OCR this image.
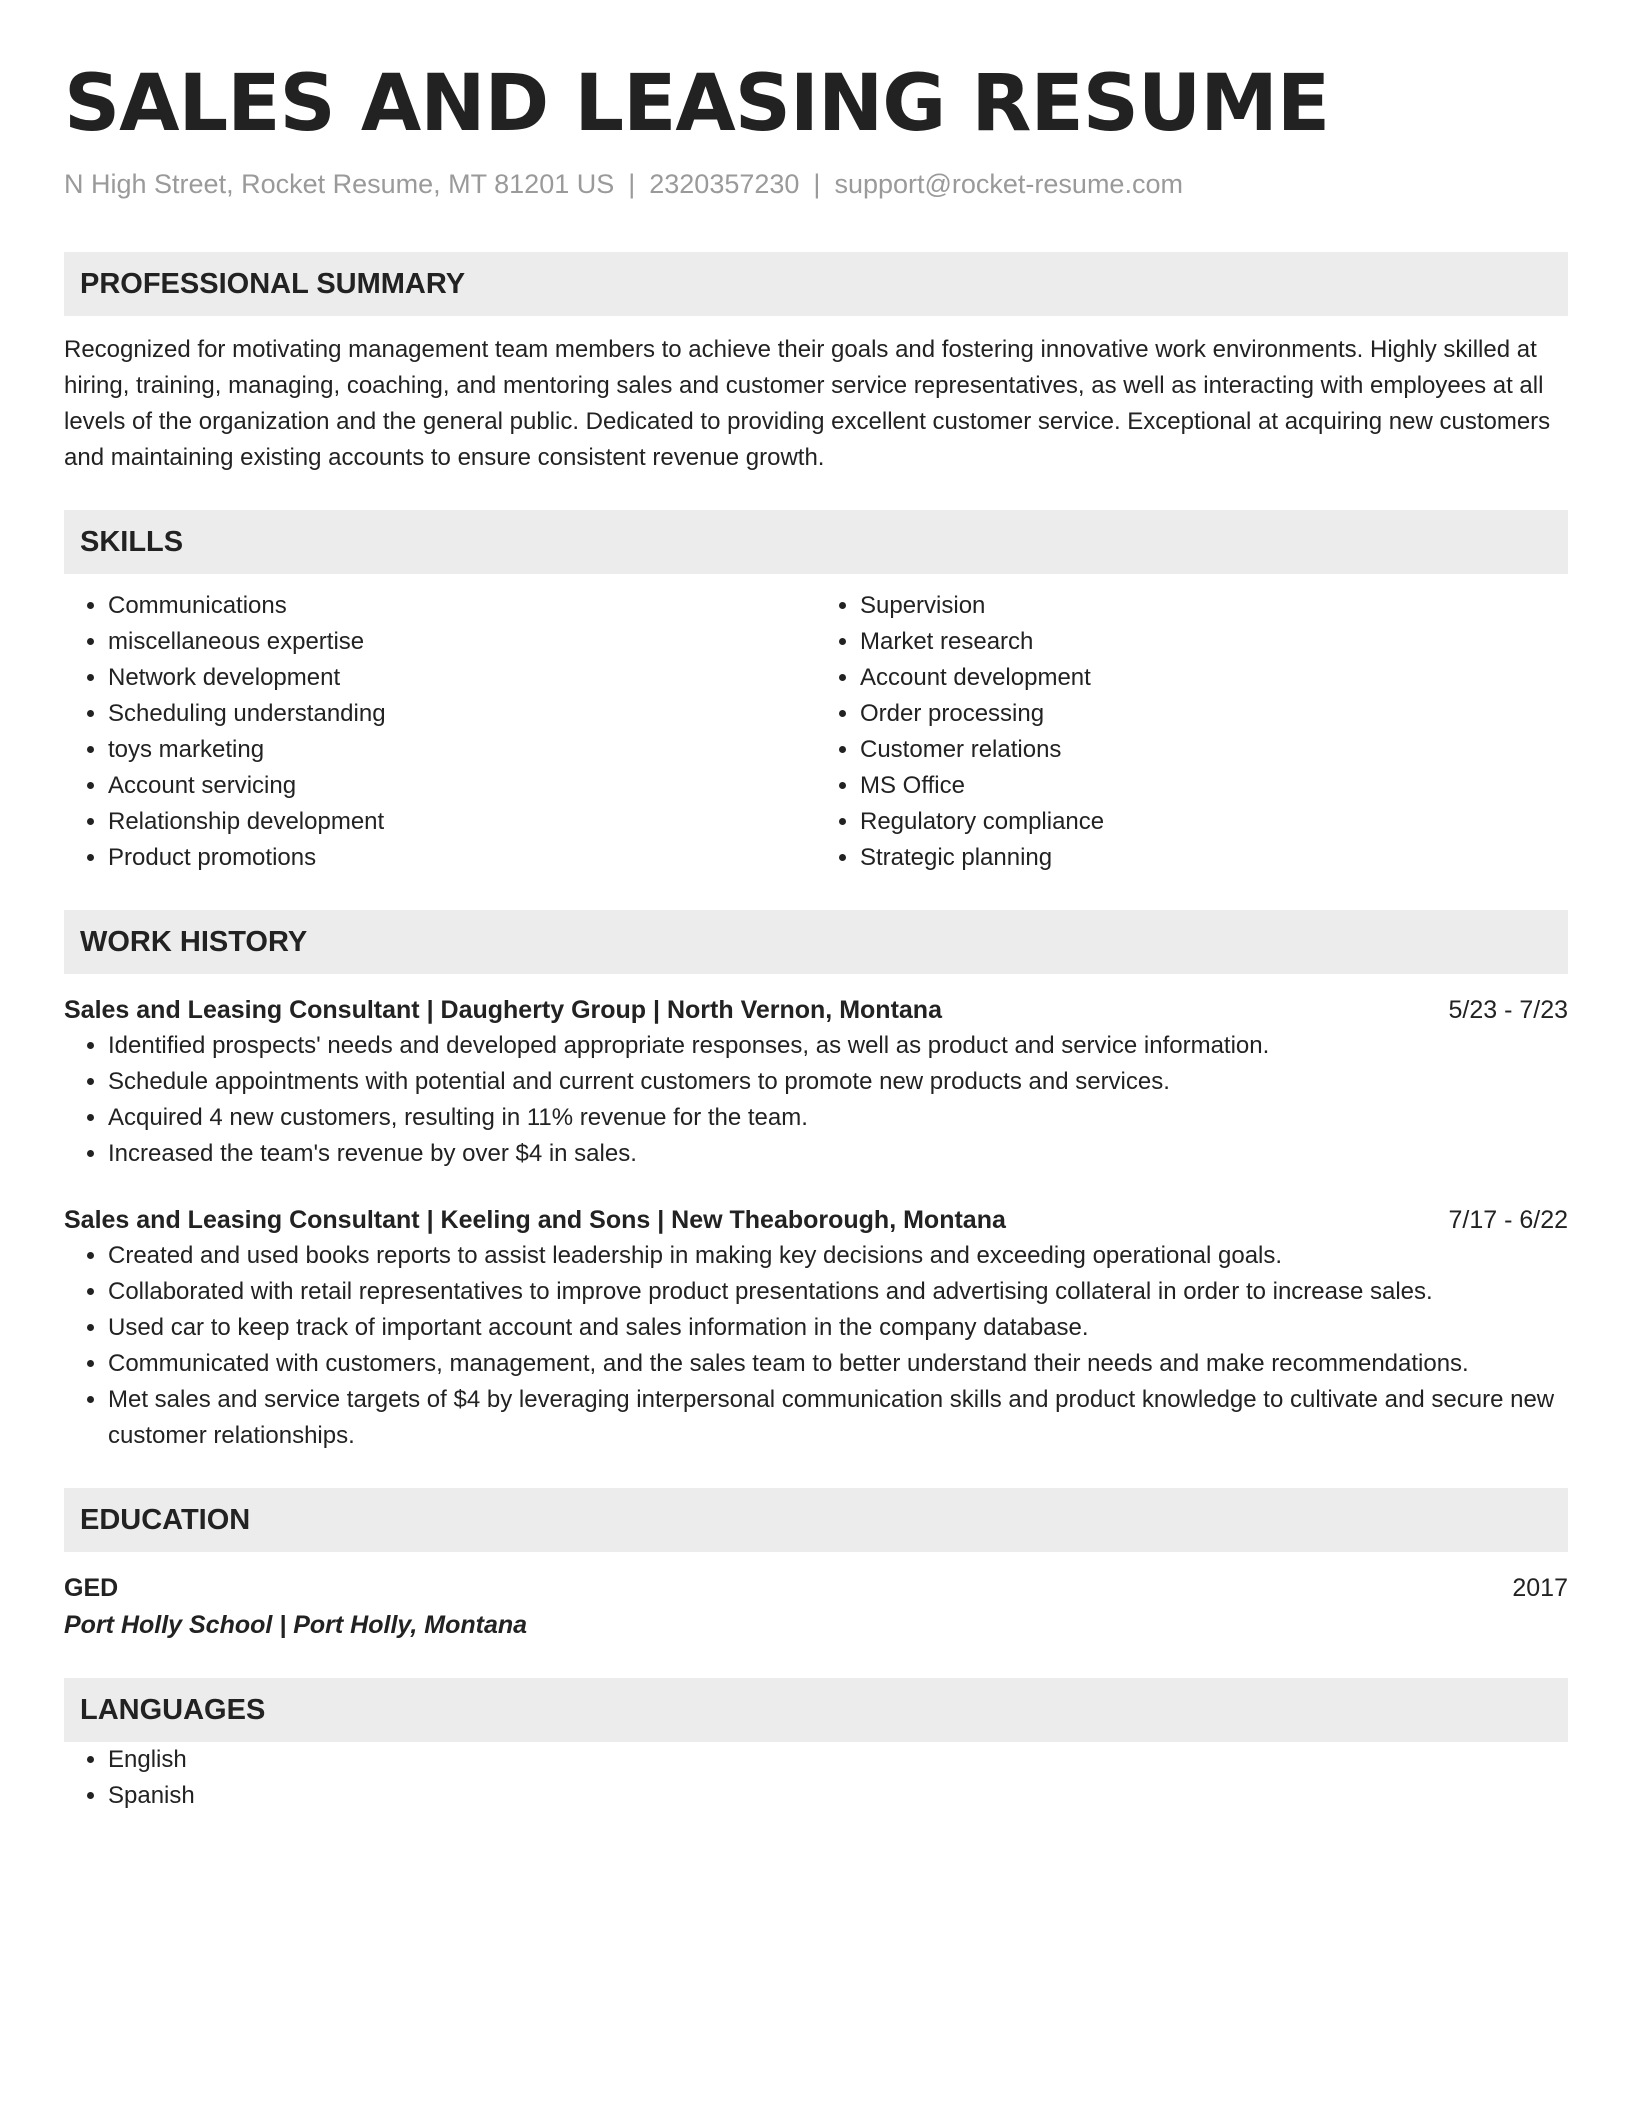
SALES AND LEASING RESUME
N High Street, Rocket Resume, MT 81201 US | 2320357230 | support@rocket-resume.com
PROFESSIONAL SUMMARY
Recognized for motivating management team members to achieve their goals and fostering innovative work environments. Highly skilled at hiring, training, managing, coaching, and mentoring sales and customer service representatives, as well as interacting with employees at all levels of the organization and the general public. Dedicated to providing excellent customer service. Exceptional at acquiring new customers and maintaining existing accounts to ensure consistent revenue growth.
SKILLS
• Communications
• miscellaneous expertise
• Network development
• Scheduling understanding
• toys marketing
• Account servicing
• Relationship development
• Product promotions
• Supervision
• Market research
• Account development
• Order processing
• Customer relations
• MS Office
• Regulatory compliance
• Strategic planning
WORK HISTORY
Sales and Leasing Consultant | Daugherty Group | North Vernon, Montana	5/23 - 7/23
• Identified prospects' needs and developed appropriate responses, as well as product and service information.
• Schedule appointments with potential and current customers to promote new products and services.
• Acquired 4 new customers, resulting in 11% revenue for the team.
• Increased the team's revenue by over $4 in sales.
Sales and Leasing Consultant | Keeling and Sons | New Theaborough, Montana	7/17 - 6/22
• Created and used books reports to assist leadership in making key decisions and exceeding operational goals.
• Collaborated with retail representatives to improve product presentations and advertising collateral in order to increase sales.
• Used car to keep track of important account and sales information in the company database.
• Communicated with customers, management, and the sales team to better understand their needs and make recommendations.
• Met sales and service targets of $4 by leveraging interpersonal communication skills and product knowledge to cultivate and secure new customer relationships.
EDUCATION
GED	2017
Port Holly School | Port Holly, Montana
LANGUAGES
• English
• Spanish
